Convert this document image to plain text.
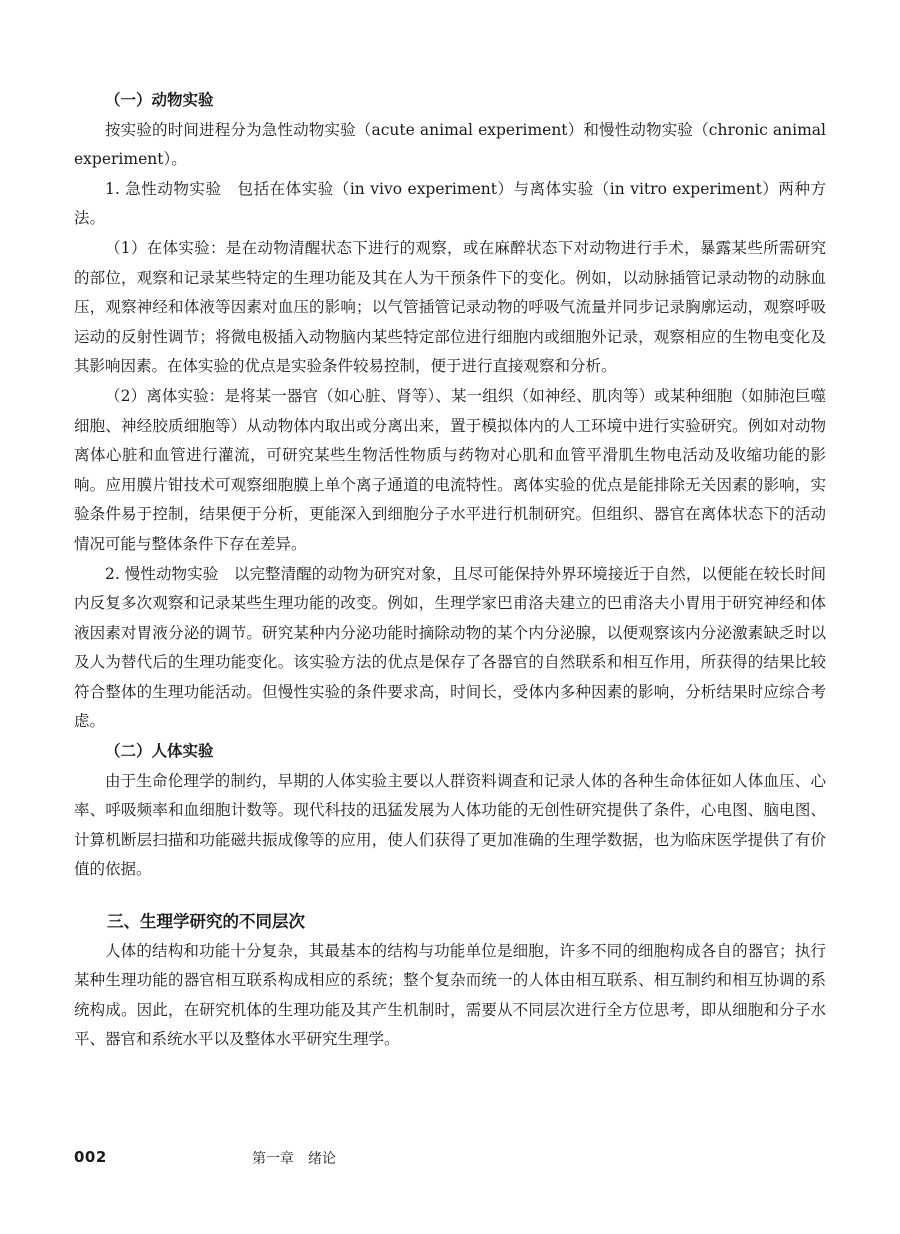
（一）动物实验

按实验的时间进程分为急性动物实验（acute animal experiment）和慢性动物实验（chronic animal experiment）。

1. 急性动物实验　包括在体实验（in vivo experiment）与离体实验（in vitro experiment）两种方法。

（1）在体实验：是在动物清醒状态下进行的观察，或在麻醉状态下对动物进行手术，暴露某些所需研究的部位，观察和记录某些特定的生理功能及其在人为干预条件下的变化。例如，以动脉插管记录动物的动脉血压，观察神经和体液等因素对血压的影响；以气管插管记录动物的呼吸气流量并同步记录胸廓运动，观察呼吸运动的反射性调节；将微电极插入动物脑内某些特定部位进行细胞内或细胞外记录，观察相应的生物电变化及其影响因素。在体实验的优点是实验条件较易控制，便于进行直接观察和分析。

（2）离体实验：是将某一器官（如心脏、肾等）、某一组织（如神经、肌肉等）或某种细胞（如肺泡巨噬细胞、神经胶质细胞等）从动物体内取出或分离出来，置于模拟体内的人工环境中进行实验研究。例如对动物离体心脏和血管进行灌流，可研究某些生物活性物质与药物对心肌和血管平滑肌生物电活动及收缩功能的影响。应用膜片钳技术可观察细胞膜上单个离子通道的电流特性。离体实验的优点是能排除无关因素的影响，实验条件易于控制，结果便于分析，更能深入到细胞分子水平进行机制研究。但组织、器官在离体状态下的活动情况可能与整体条件下存在差异。

2. 慢性动物实验　以完整清醒的动物为研究对象，且尽可能保持外界环境接近于自然，以便能在较长时间内反复多次观察和记录某些生理功能的改变。例如，生理学家巴甫洛夫建立的巴甫洛夫小胃用于研究神经和体液因素对胃液分泌的调节。研究某种内分泌功能时摘除动物的某个内分泌腺，以便观察该内分泌激素缺乏时以及人为替代后的生理功能变化。该实验方法的优点是保存了各器官的自然联系和相互作用，所获得的结果比较符合整体的生理功能活动。但慢性实验的条件要求高，时间长，受体内多种因素的影响，分析结果时应综合考虑。

（二）人体实验

由于生命伦理学的制约，早期的人体实验主要以人群资料调查和记录人体的各种生命体征如人体血压、心率、呼吸频率和血细胞计数等。现代科技的迅猛发展为人体功能的无创性研究提供了条件，心电图、脑电图、计算机断层扫描和功能磁共振成像等的应用，使人们获得了更加准确的生理学数据，也为临床医学提供了有价值的依据。

三、生理学研究的不同层次

人体的结构和功能十分复杂，其最基本的结构与功能单位是细胞，许多不同的细胞构成各自的器官；执行某种生理功能的器官相互联系构成相应的系统；整个复杂而统一的人体由相互联系、相互制约和相互协调的系统构成。因此，在研究机体的生理功能及其产生机制时，需要从不同层次进行全方位思考，即从细胞和分子水平、器官和系统水平以及整体水平研究生理学。

002	第一章　绪论
